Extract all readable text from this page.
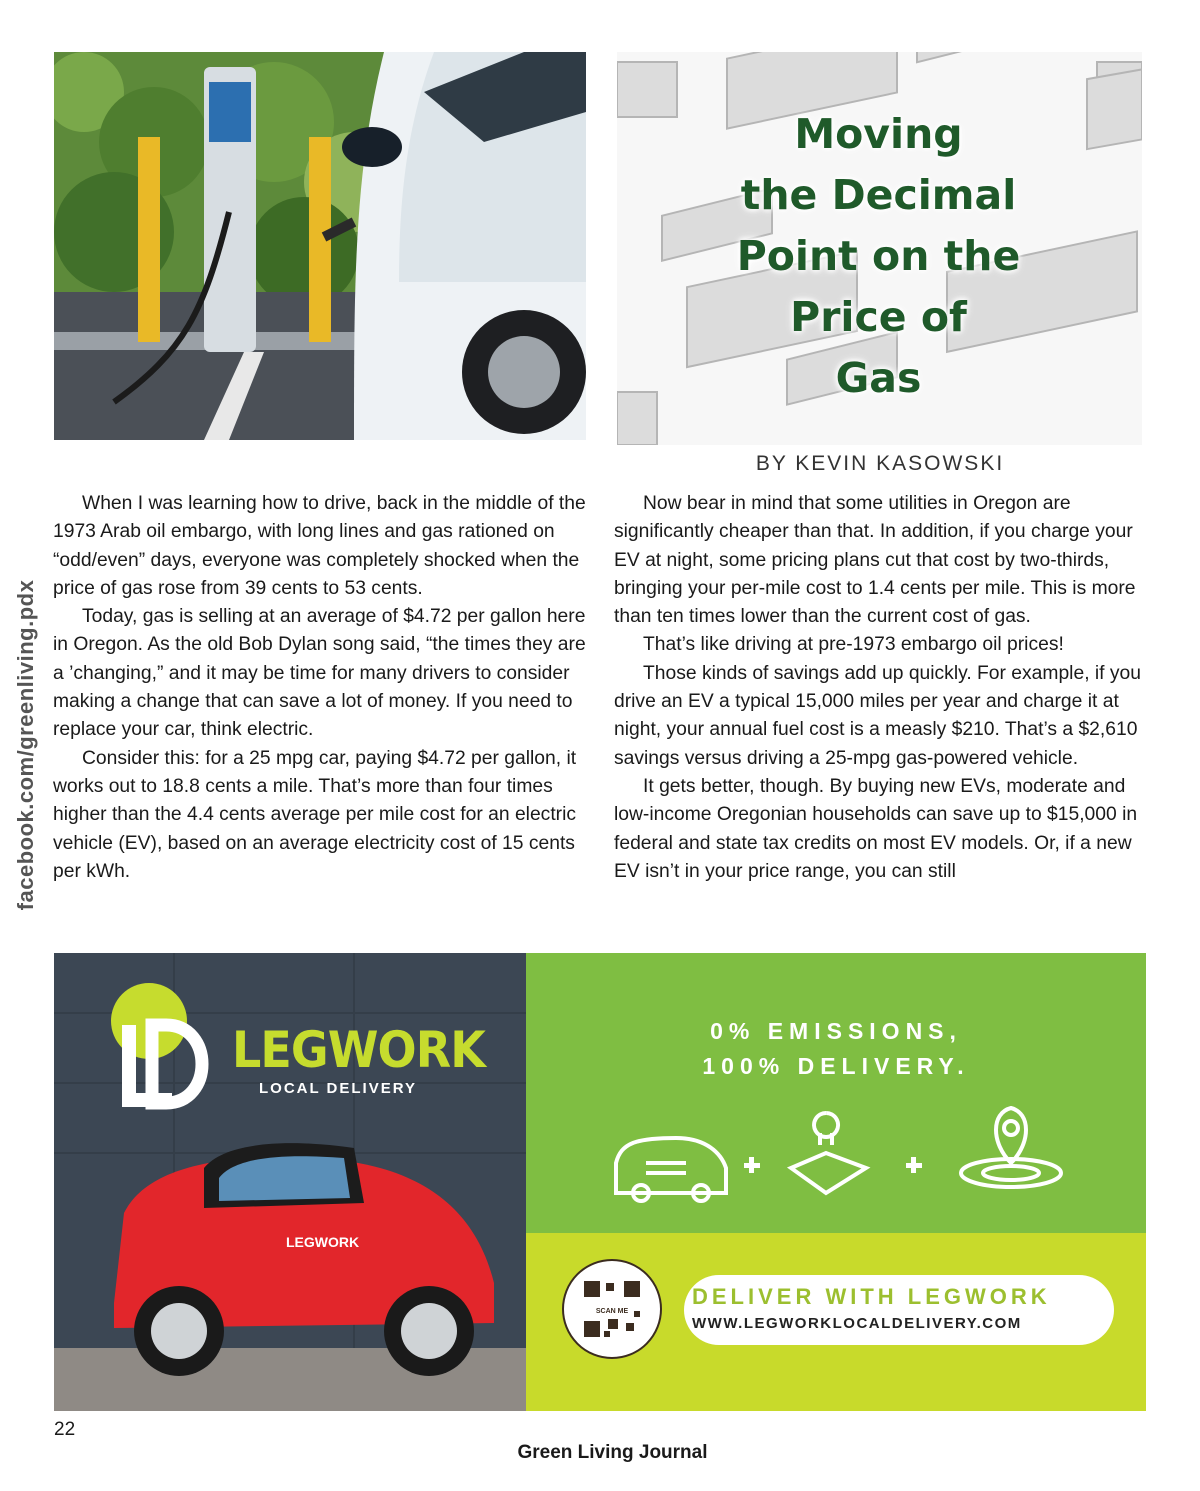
facebook.com/greenliving.pdx
Moving
the Decimal
Point on the
Price of
Gas
BY KEVIN KASOWSKI

When I was learning how to drive, back in the middle of the 1973 Arab oil embargo, with long lines and gas rationed on “odd/even” days, everyone was completely shocked when the price of gas rose from 39 cents to 53 cents.

Today, gas is selling at an average of $4.72 per gallon here in Oregon. As the old Bob Dylan song said, “the times they are a ’changing,” and it may be time for many drivers to consider making a change that can save a lot of money. If you need to replace your car, think electric.

Consider this: for a 25 mpg car, paying $4.72 per gallon, it works out to 18.8 cents a mile. That’s more than four times higher than the 4.4 cents average per mile cost for an electric vehicle (EV), based on an average electricity cost of 15 cents per kWh.

Now bear in mind that some utilities in Oregon are significantly cheaper than that. In addition, if you charge your EV at night, some pricing plans cut that cost by two-thirds, bringing your per-mile cost to 1.4 cents per mile. This is more than ten times lower than the current cost of gas.

That’s like driving at pre-1973 embargo oil prices!

Those kinds of savings add up quickly. For example, if you drive an EV a typical 15,000 miles per year and charge it at night, your annual fuel cost is a measly $210. That’s a $2,610 savings versus driving a 25-mpg gas-powered vehicle.

It gets better, though. By buying new EVs, moderate and low-income Oregonian households can save up to $15,000 in federal and state tax credits on most EV models. Or, if a new EV isn’t in your price range, you can still

LEGWORK
LOCAL DELIVERY
LEGWORK
0% EMISSIONS,
100% DELIVERY.
DELIVER WITH LEGWORK
WWW.LEGWORKLOCALDELIVERY.COM
SCAN ME
22
Green Living Journal
